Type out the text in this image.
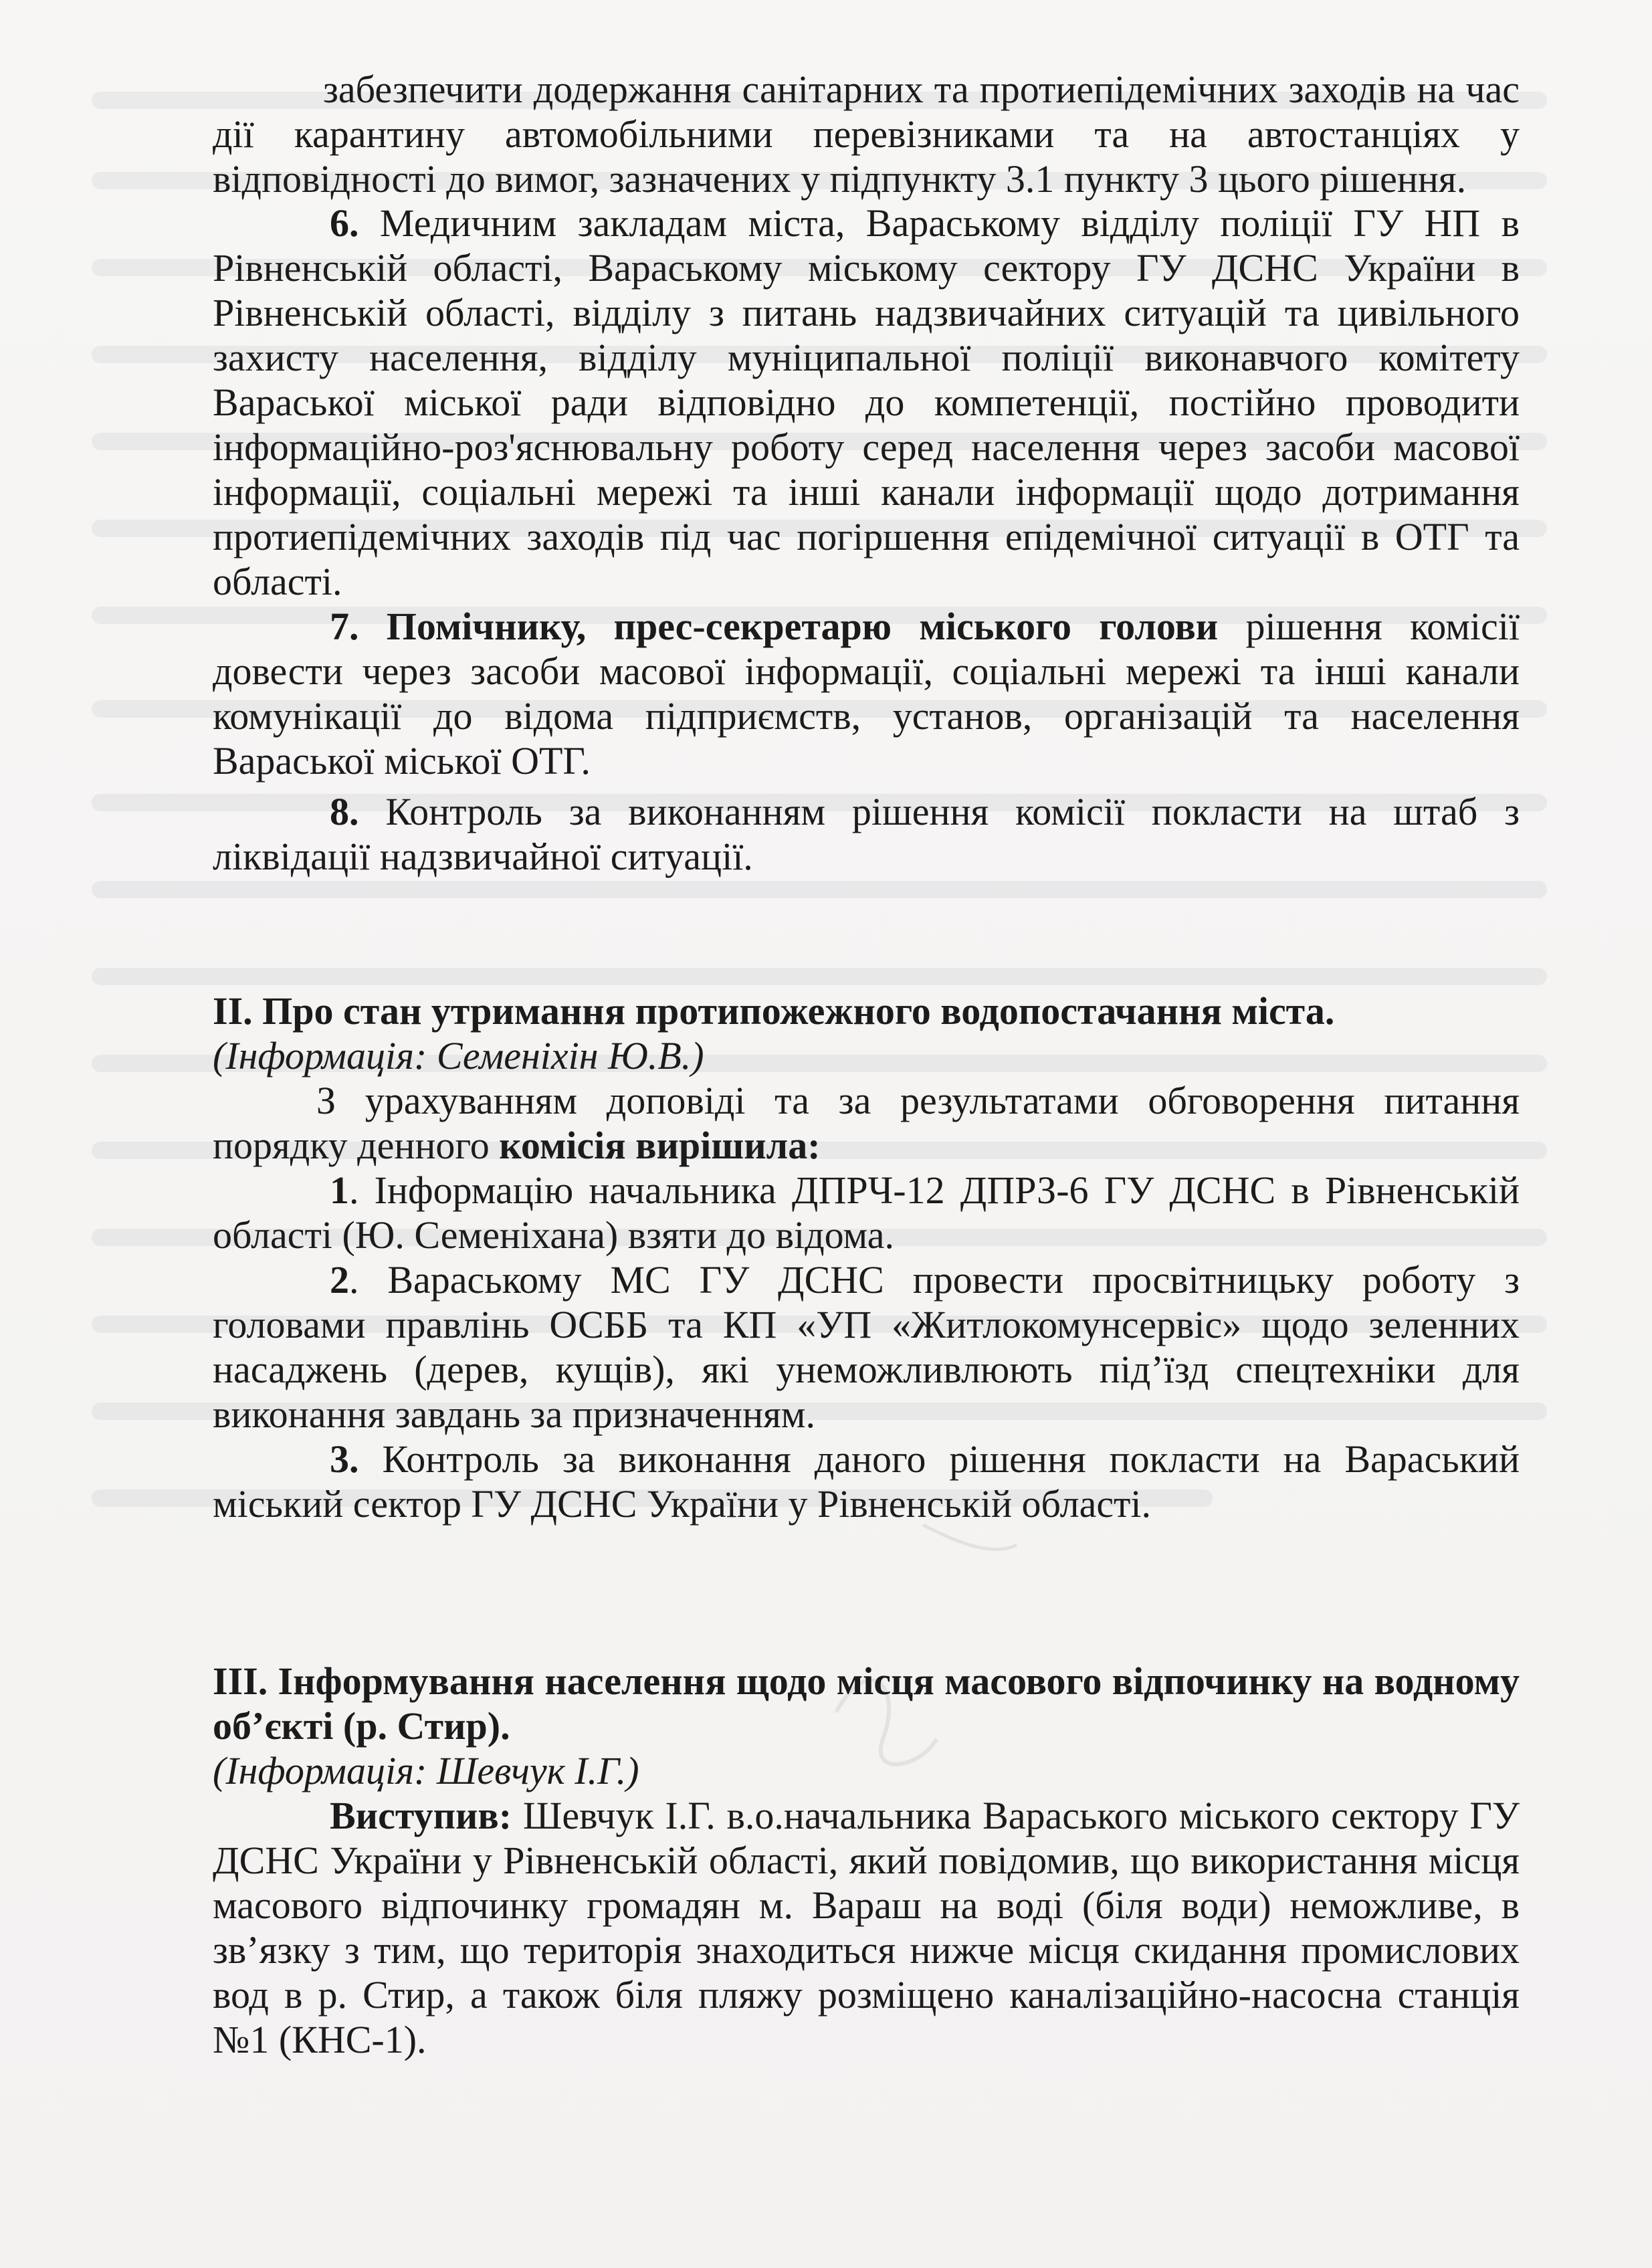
забезпечити додержання санітарних та протиепідемічних заходів на час дії карантину автомобільними перевізниками та на автостанціях у відповідності до вимог, зазначених у підпункту 3.1 пункту 3 цього рішення.
6. Медичним закладам міста, Вараському відділу поліції ГУ НП в Рівненській області, Вараському міському сектору ГУ ДСНС України в Рівненській області, відділу з питань надзвичайних ситуацій та цивільного захисту населення, відділу муніципальної поліції виконавчого комітету Вараської міської ради відповідно до компетенції, постійно проводити інформаційно-роз'яснювальну роботу серед населення через засоби масової інформації, соціальні мережі та інші канали інформації щодо дотримання протиепідемічних заходів під час погіршення епідемічної ситуації в ОТГ та області.
7. Помічнику, прес-секретарю міського голови рішення комісії довести через засоби масової інформації, соціальні мережі та інші канали комунікації до відома підприємств, установ, організацій та населення Вараської міської ОТГ.
8. Контроль за виконанням рішення комісії покласти на штаб з ліквідації надзвичайної ситуації.
II. Про стан утримання протипожежного водопостачання міста.
(Інформація: Семеніхін Ю.В.)
З урахуванням доповіді та за результатами обговорення питання порядку денного комісія вирішила:
1. Інформацію начальника ДПРЧ-12 ДПРЗ-6 ГУ ДСНС в Рівненській області (Ю. Семеніхана) взяти до відома.
2. Вараському МС ГУ ДСНС провести просвітницьку роботу з головами правлінь ОСББ та КП «УП «Житлокомунсервіс» щодо зеленних насаджень (дерев, кущів), які унеможливлюють під’їзд спецтехніки для виконання завдань за призначенням.
3. Контроль за виконання даного рішення покласти на Вараський міський сектор ГУ ДСНС України у Рівненській області.
III. Інформування населення щодо місця масового відпочинку на водному об’єкті (р. Стир).
(Інформація: Шевчук І.Г.)
Виступив: Шевчук І.Г. в.о.начальника Вараського міського сектору ГУ ДСНС України у Рівненській області, який повідомив, що використання місця масового відпочинку громадян м. Вараш на воді (біля води) неможливе, в зв’язку з тим, що територія знаходиться нижче місця скидання промислових вод в р. Стир, а також біля пляжу розміщено каналізаційно-насосна станція №1 (КНС-1).
